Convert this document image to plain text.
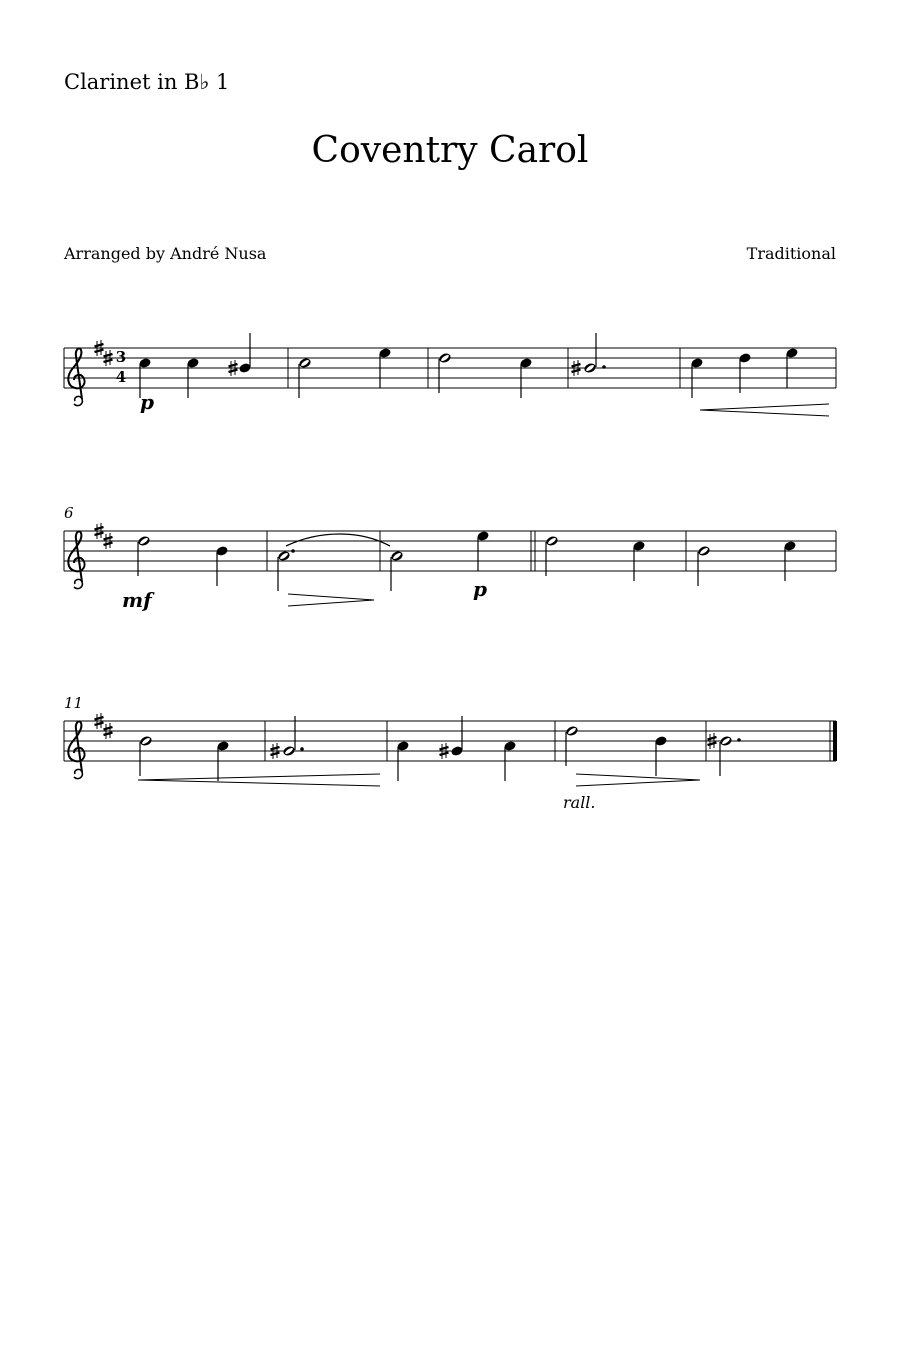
Clarinet in B♭ 1
Coventry Carol
Arranged by André Nusa	Traditional
3
4
p
6
mf	p
11
rall.
